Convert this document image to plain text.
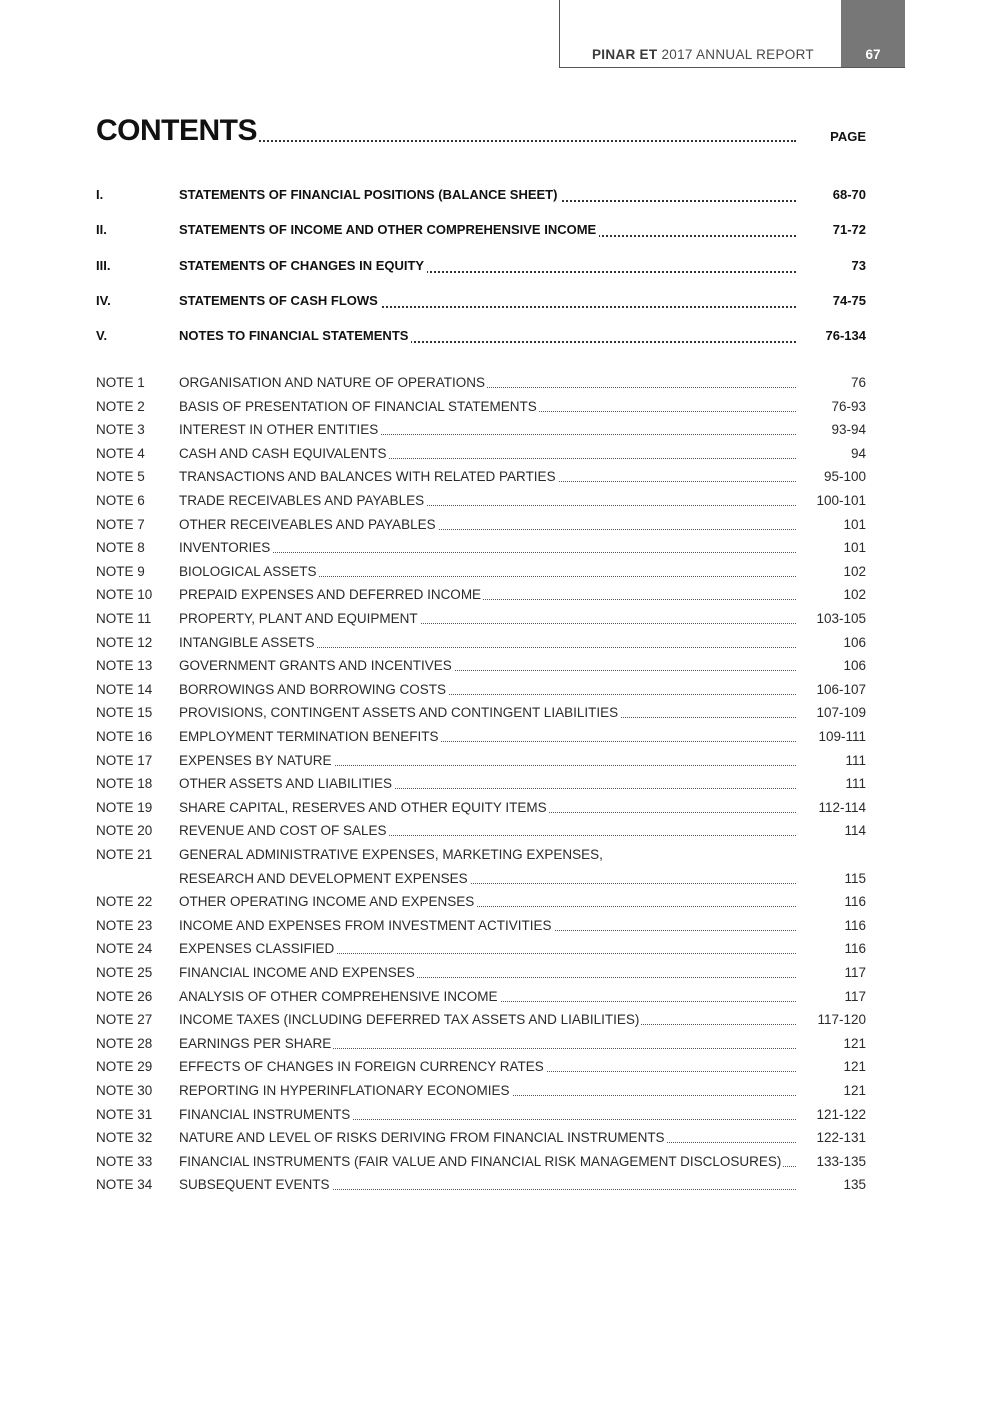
PINAR ET 2017 ANNUAL REPORT	67
CONTENTS	PAGE
I.	STATEMENTS OF FINANCIAL POSITIONS (BALANCE SHEET)	68-70
II.	STATEMENTS OF INCOME AND OTHER COMPREHENSIVE INCOME	71-72
III.	STATEMENTS OF CHANGES IN EQUITY	73
IV.	STATEMENTS OF CASH FLOWS	74-75
V.	NOTES TO FINANCIAL STATEMENTS	76-134
NOTE 1	ORGANISATION AND NATURE OF OPERATIONS	76
NOTE 2	BASIS OF PRESENTATION OF FINANCIAL STATEMENTS	76-93
NOTE 3	INTEREST IN OTHER ENTITIES	93-94
NOTE 4	CASH AND CASH EQUIVALENTS	94
NOTE 5	TRANSACTIONS AND BALANCES WITH RELATED PARTIES	95-100
NOTE 6	TRADE RECEIVABLES AND PAYABLES	100-101
NOTE 7	OTHER RECEIVEABLES AND PAYABLES	101
NOTE 8	INVENTORIES	101
NOTE 9	BIOLOGICAL ASSETS	102
NOTE 10 PREPAID EXPENSES AND DEFERRED INCOME	102
NOTE 11 PROPERTY, PLANT AND EQUIPMENT	103-105
NOTE 12 INTANGIBLE ASSETS	106
NOTE 13 GOVERNMENT GRANTS AND INCENTIVES	106
NOTE 14 BORROWINGS AND BORROWING COSTS	106-107
NOTE 15 PROVISIONS, CONTINGENT ASSETS AND CONTINGENT LIABILITIES	107-109
NOTE 16 EMPLOYMENT TERMINATION BENEFITS	109-111
NOTE 17 EXPENSES BY NATURE	111
NOTE 18 OTHER ASSETS AND LIABILITIES	111
NOTE 19 SHARE CAPITAL, RESERVES AND OTHER EQUITY ITEMS	112-114
NOTE 20 REVENUE AND COST OF SALES	114
NOTE 21 GENERAL ADMINISTRATIVE EXPENSES, MARKETING EXPENSES,
RESEARCH AND DEVELOPMENT EXPENSES	115
NOTE 22 OTHER OPERATING INCOME AND EXPENSES	116
NOTE 23 INCOME AND EXPENSES FROM INVESTMENT ACTIVITIES	116
NOTE 24 EXPENSES CLASSIFIED	116
NOTE 25 FINANCIAL INCOME AND EXPENSES	117
NOTE 26 ANALYSIS OF OTHER COMPREHENSIVE INCOME	117
NOTE 27 INCOME TAXES (INCLUDING DEFERRED TAX ASSETS AND LIABILITIES)	117-120
NOTE 28 EARNINGS PER SHARE	121
NOTE 29 EFFECTS OF CHANGES IN FOREIGN CURRENCY RATES	121
NOTE 30 REPORTING IN HYPERINFLATIONARY ECONOMIES	121
NOTE 31 FINANCIAL INSTRUMENTS	121-122
NOTE 32 NATURE AND LEVEL OF RISKS DERIVING FROM FINANCIAL INSTRUMENTS	122-131
NOTE 33 FINANCIAL INSTRUMENTS (FAIR VALUE AND FINANCIAL RISK MANAGEMENT DISCLOSURES)	133-135
NOTE 34 SUBSEQUENT EVENTS	135
